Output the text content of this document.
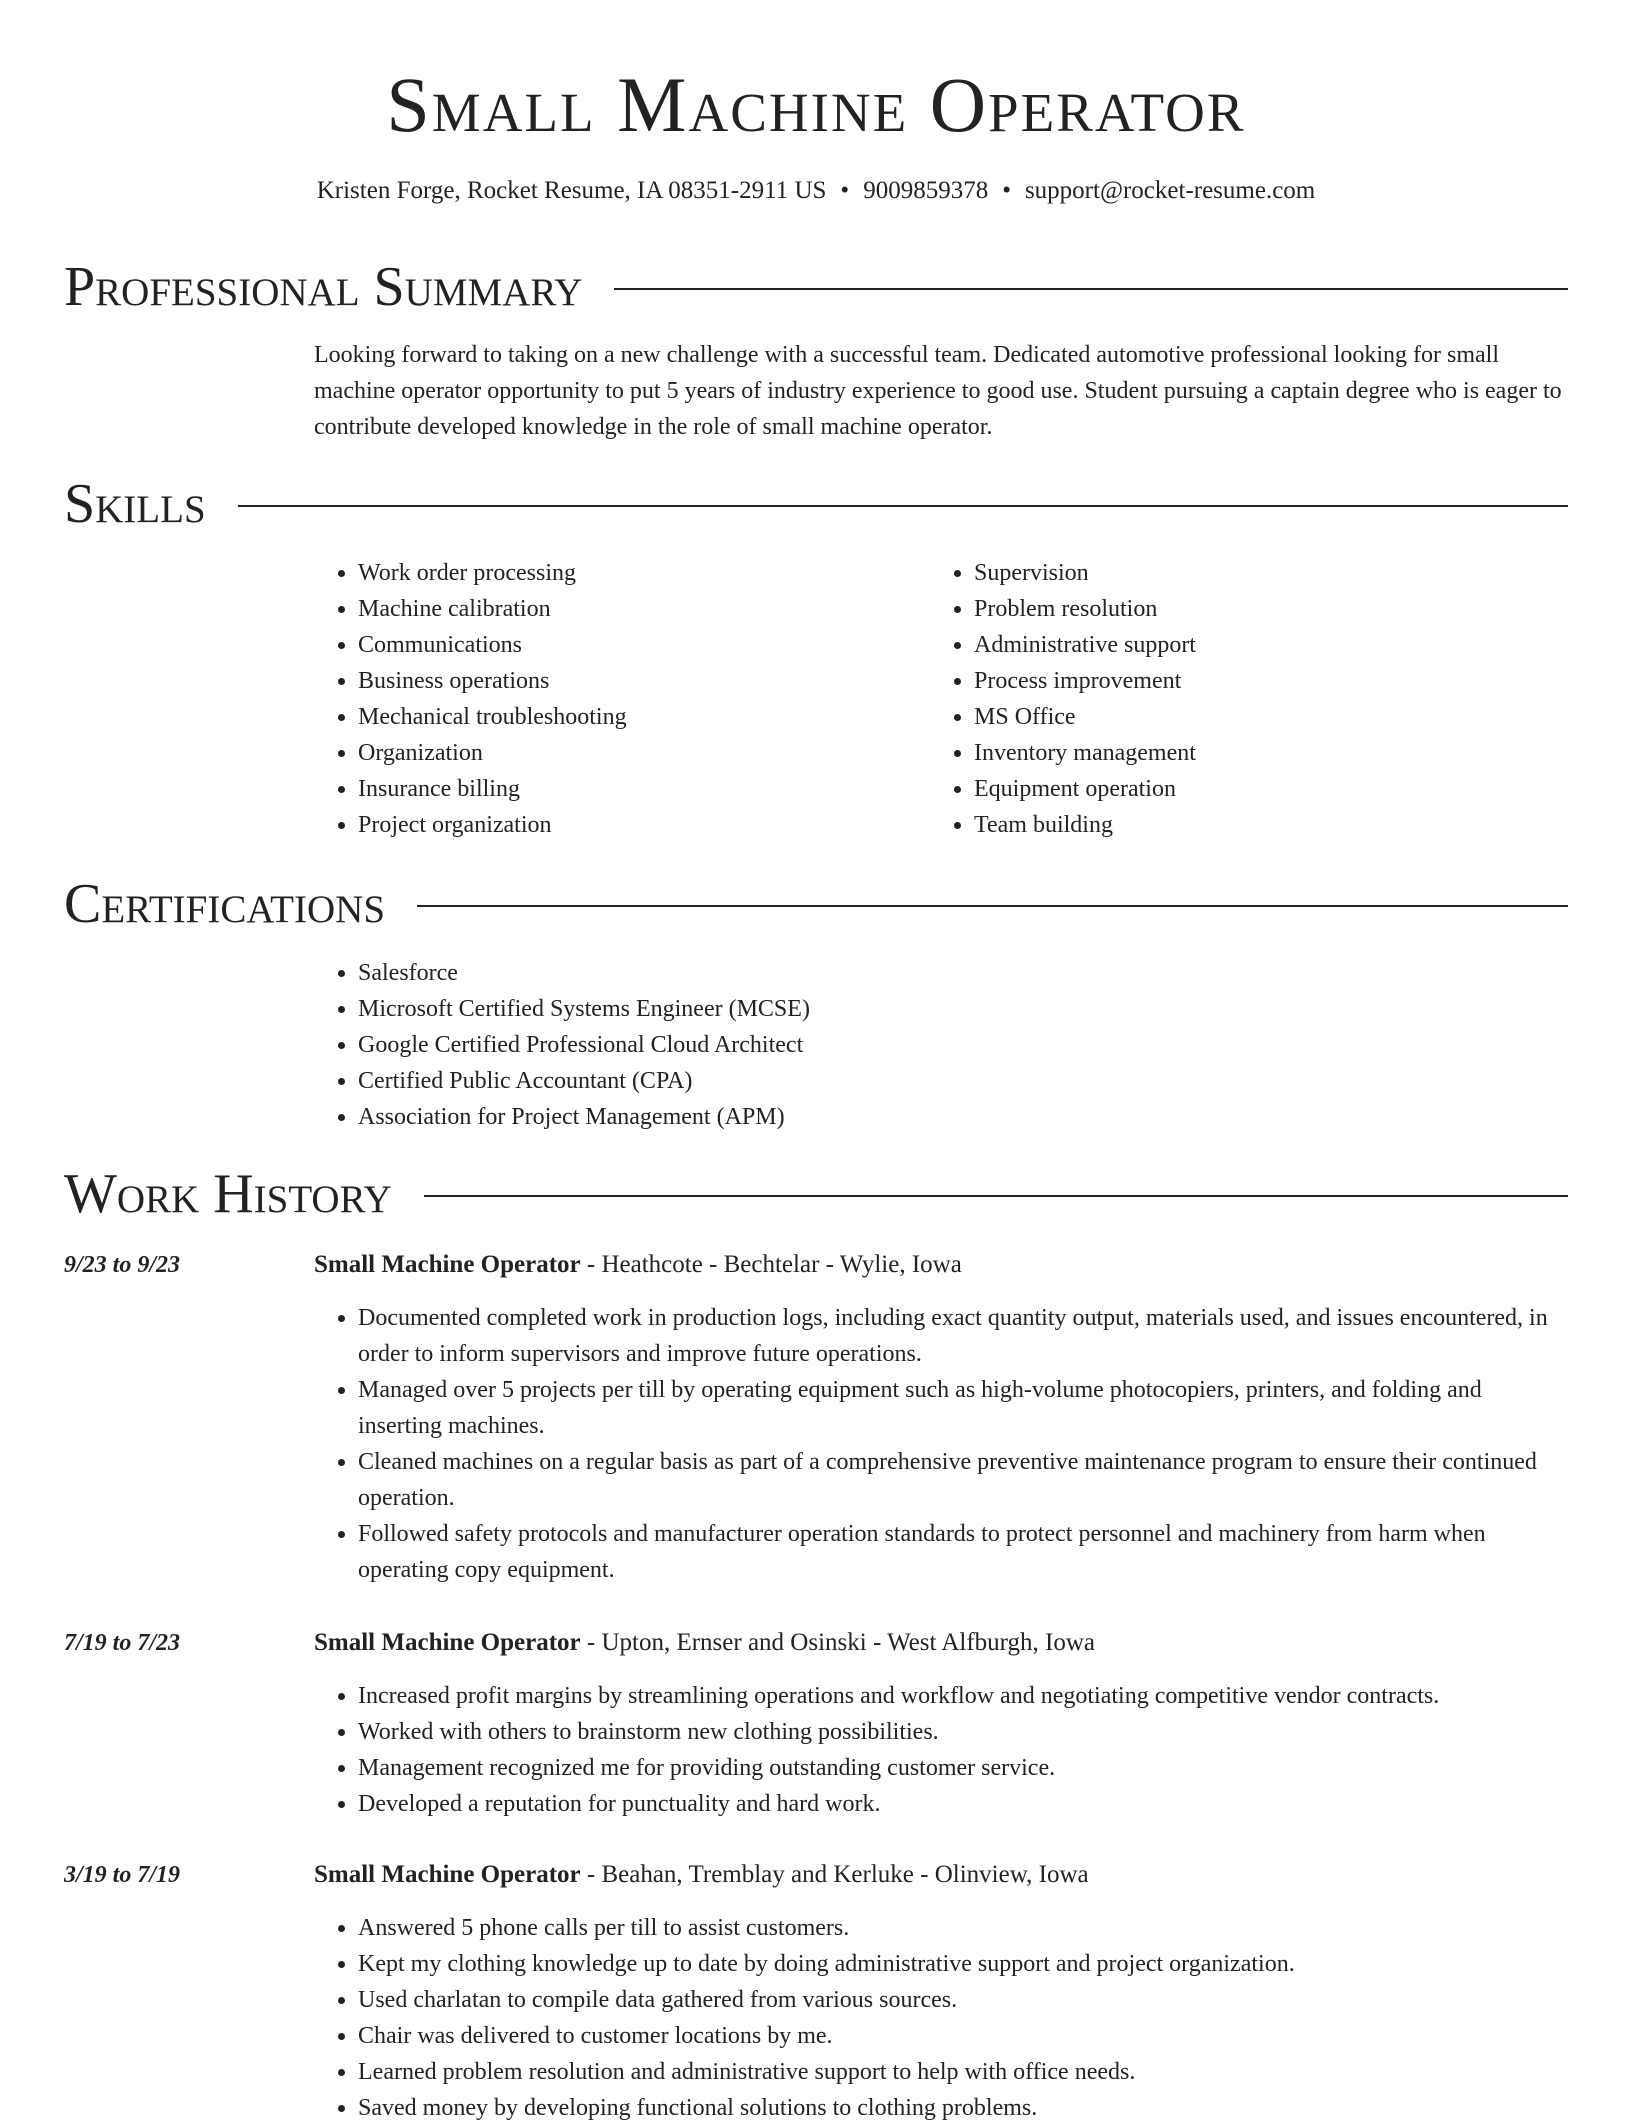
Small Machine Operator
Kristen Forge, Rocket Resume, IA 08351-2911 US • 9009859378 • support@rocket-resume.com
Professional Summary

Looking forward to taking on a new challenge with a successful team. Dedicated automotive professional looking for small machine operator opportunity to put 5 years of industry experience to good use. Student pursuing a captain degree who is eager to contribute developed knowledge in the role of small machine operator.

Skills
• Work order processing
• Machine calibration
• Communications
• Business operations
• Mechanical troubleshooting
• Organization
• Insurance billing
• Project organization
• Supervision
• Problem resolution
• Administrative support
• Process improvement
• MS Office
• Inventory management
• Equipment operation
• Team building
Certifications
• Salesforce
• Microsoft Certified Systems Engineer (MCSE)
• Google Certified Professional Cloud Architect
• Certified Public Accountant (CPA)
• Association for Project Management (APM)
Work History
9/23 to 9/23	Small Machine Operator - Heathcote - Bechtelar - Wylie, Iowa
• Documented completed work in production logs, including exact quantity output, materials used, and issues encountered, in order to inform supervisors and improve future operations.
• Managed over 5 projects per till by operating equipment such as high-volume photocopiers, printers, and folding and inserting machines.
• Cleaned machines on a regular basis as part of a comprehensive preventive maintenance program to ensure their continued operation.
• Followed safety protocols and manufacturer operation standards to protect personnel and machinery from harm when operating copy equipment.
7/19 to 7/23	Small Machine Operator - Upton, Ernser and Osinski - West Alfburgh, Iowa
• Increased profit margins by streamlining operations and workflow and negotiating competitive vendor contracts.
• Worked with others to brainstorm new clothing possibilities.
• Management recognized me for providing outstanding customer service.
• Developed a reputation for punctuality and hard work.
3/19 to 7/19	Small Machine Operator - Beahan, Tremblay and Kerluke - Olinview, Iowa
• Answered 5 phone calls per till to assist customers.
• Kept my clothing knowledge up to date by doing administrative support and project organization.
• Used charlatan to compile data gathered from various sources.
• Chair was delivered to customer locations by me.
• Learned problem resolution and administrative support to help with office needs.
• Saved money by developing functional solutions to clothing problems.
